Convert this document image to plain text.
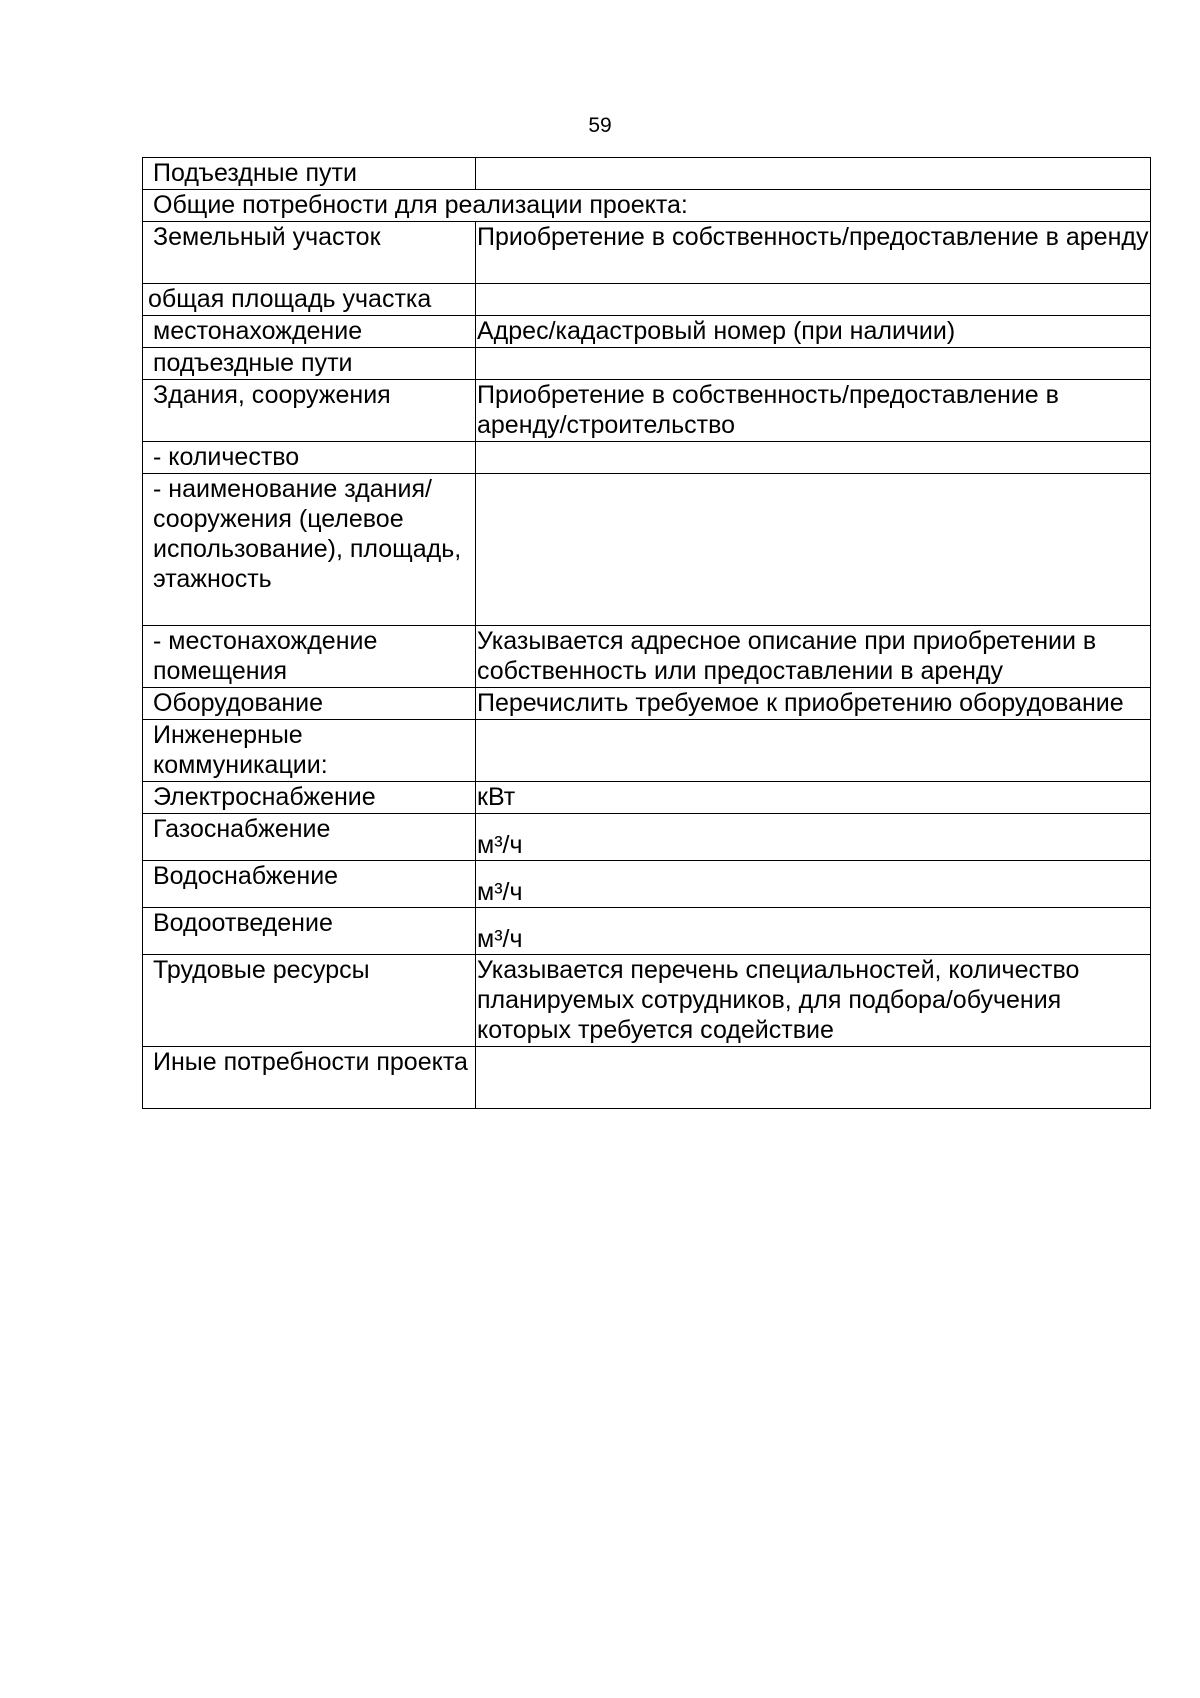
59
Подъездные пути	
Общие потребности для реализации проекта:	
Земельный участок	Приобретение в собственность/предоставление в аренду
общая площадь участка	
местонахождение	Адрес/кадастровый номер (при наличии)
подъездные пути	
Здания, сооружения	Приобретение в собственность/предоставление в аренду/строительство
- количество	
- наименование здания/сооружения (целевое использование), площадь, этажность	
- местонахождение помещения	Указывается адресное описание при приобретении в собственность или предоставлении в аренду
Оборудование	Перечислить требуемое к приобретению оборудование
Инженерные коммуникации:	
Электроснабжение	кВт
Газоснабжение	м³/ч
Водоснабжение	м³/ч
Водоотведение	м³/ч
Трудовые ресурсы	Указывается перечень специальностей, количество планируемых сотрудников, для подбора/обучения которых требуется содействие
Иные потребности проекта	
